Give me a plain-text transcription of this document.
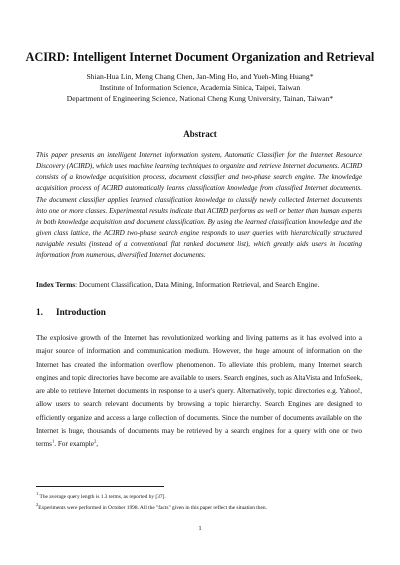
ACIRD: Intelligent Internet Document Organization and Retrieval
Shian-Hua Lin, Meng Chang Chen, Jan-Ming Ho, and Yueh-Ming Huang*
Institute of Information Science, Academia Sinica, Taipei, Taiwan
Department of Engineering Science, National Cheng Kung University, Tainan, Taiwan*
Abstract

This paper presents an intelligent Internet information system, Automatic Classifier for the Internet Resource Discovery (ACIRD), which uses machine learning techniques to organize and retrieve Internet documents. ACIRD consists of a knowledge acquisition process, document classifier and two-phase search engine. The knowledge acquisition process of ACIRD automatically learns classification knowledge from classified Internet documents. The document classifier applies learned classification knowledge to classify newly collected Internet documents into one or more classes. Experimental results indicate that ACIRD performs as well or better than human experts in both knowledge acquisition and document classification. By using the learned classification knowledge and the given class lattice, the ACIRD two-phase search engine responds to user queries with hierarchically structured navigable results (instead of a conventional flat ranked document list), which greatly aids users in locating information from numerous, diversified Internet documents.

Index Terms: Document Classification, Data Mining, Information Retrieval, and Search Engine.
1. Introduction

The explosive growth of the Internet has revolutionized working and living patterns as it has evolved into a major source of information and communication medium. However, the huge amount of information on the Internet has created the information overflow phenomenon. To alleviate this problem, many Internet search engines and topic directories have become are available to users. Search engines, such as AltaVista and InfoSeek, are able to retrieve Internet documents in response to a user's query. Alternatively, topic directories e.g. Yahoo!, allow users to search relevant documents by browsing a topic hierarchy. Search Engines are designed to efficiently organize and access a large collection of documents. Since the number of documents available on the Internet is huge, thousands of documents may be retrieved by a search engines for a query with one or two terms$^1$. For example$^2$,

$^1$ The average query length is 1.3 terms, as reported by [37].
$^2$Experiments were performed in October 1998. All the "facts" given in this paper reflect the situation then.
1
